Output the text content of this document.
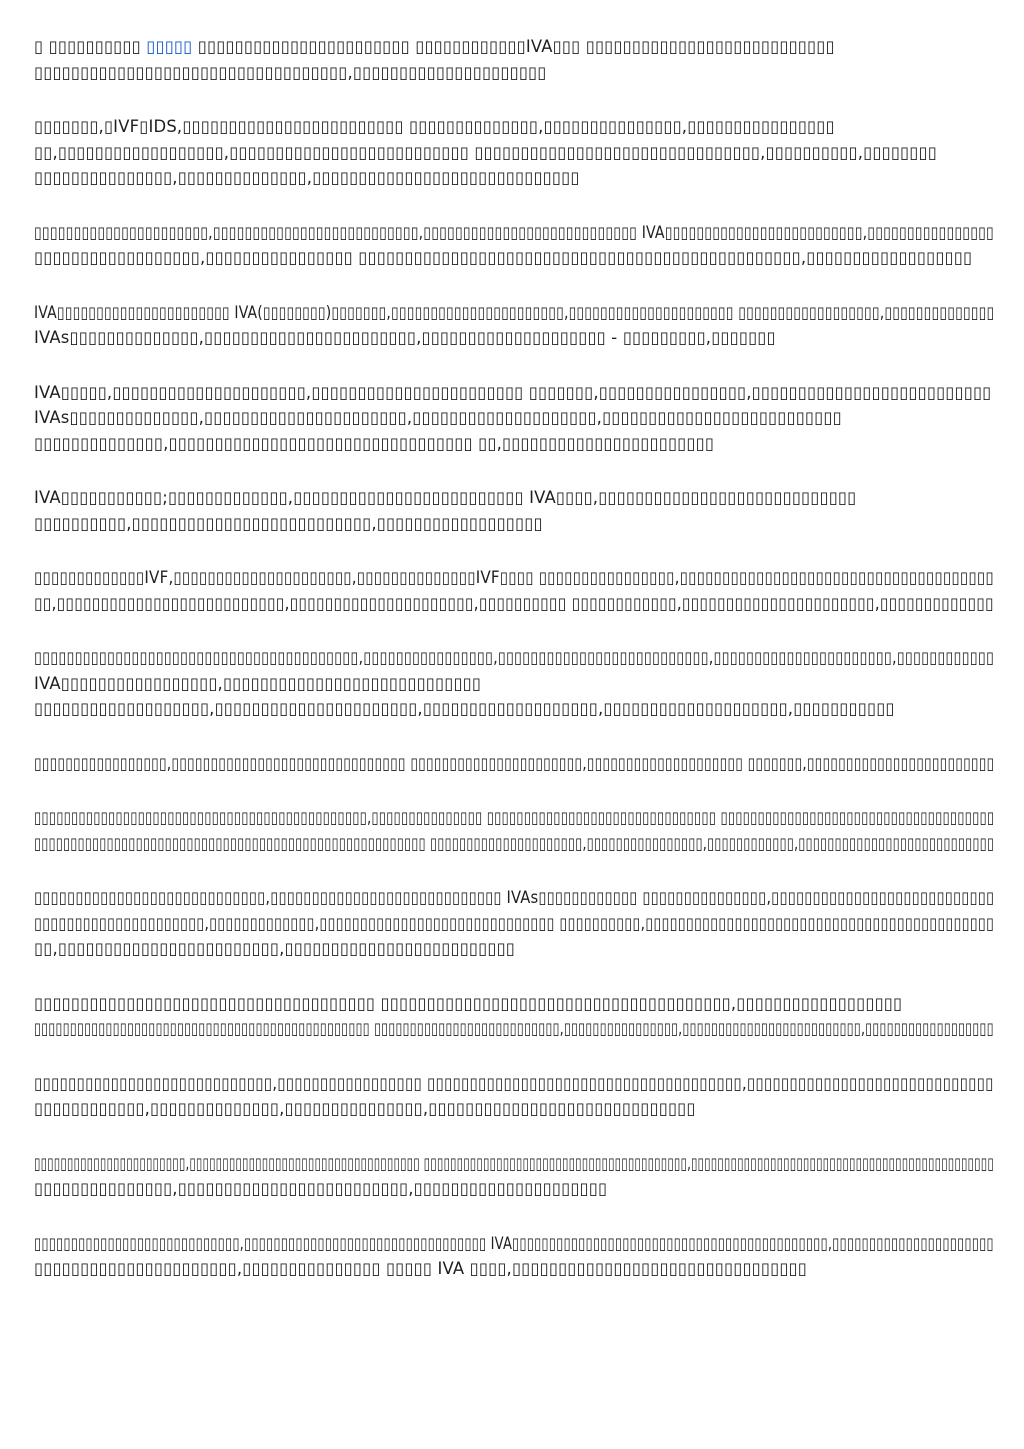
▯ ▯▯▯▯▯▯▯▯▯▯ ▯▯▯▯▯ ▯▯▯▯▯▯▯▯▯▯▯▯▯▯▯▯▯▯▯▯▯▯▯ ▯▯▯▯▯▯▯▯▯▯▯▯IVA▯▯▯ ▯▯▯▯▯▯▯▯▯▯▯▯▯▯▯▯▯▯▯▯▯▯▯▯▯▯▯
▯▯▯▯▯▯▯▯▯▯▯▯▯▯▯▯▯▯▯▯▯▯▯▯▯▯▯▯▯▯▯▯▯▯,▯▯▯▯▯▯▯▯▯▯▯▯▯▯▯▯▯▯▯▯▯
▯▯▯▯▯▯▯,▯IVF▯IDS,▯▯▯▯▯▯▯▯▯▯▯▯▯▯▯▯▯▯▯▯▯▯▯▯ ▯▯▯▯▯▯▯▯▯▯▯▯▯▯,▯▯▯▯▯▯▯▯▯▯▯▯▯▯▯,▯▯▯▯▯▯▯▯▯▯▯▯▯▯▯▯
▯▯,▯▯▯▯▯▯▯▯▯▯▯▯▯▯▯▯▯▯,▯▯▯▯▯▯▯▯▯▯▯▯▯▯▯▯▯▯▯▯▯▯▯▯▯▯ ▯▯▯▯▯▯▯▯▯▯▯▯▯▯▯▯▯▯▯▯▯▯▯▯▯▯▯▯▯▯▯,▯▯▯▯▯▯▯▯▯▯,▯▯▯▯▯▯▯▯
▯▯▯▯▯▯▯▯▯▯▯▯▯▯▯,▯▯▯▯▯▯▯▯▯▯▯▯▯▯,▯▯▯▯▯▯▯▯▯▯▯▯▯▯▯▯▯▯▯▯▯▯▯▯▯▯▯▯▯
▯▯▯▯▯▯▯▯▯▯▯▯▯▯▯▯▯▯▯▯▯▯,▯▯▯▯▯▯▯▯▯▯▯▯▯▯▯▯▯▯▯▯▯▯▯▯▯▯,▯▯▯▯▯▯▯▯▯▯▯▯▯▯▯▯▯▯▯▯▯▯▯▯▯▯▯ IVA▯▯▯▯▯▯▯▯▯▯▯▯▯▯▯▯▯▯▯▯▯▯▯▯▯,▯▯▯▯▯▯▯▯▯▯▯▯▯▯▯▯
▯▯▯▯▯▯▯▯▯▯▯▯▯▯▯▯▯▯,▯▯▯▯▯▯▯▯▯▯▯▯▯▯▯▯ ▯▯▯▯▯▯▯▯▯▯▯▯▯▯▯▯▯▯▯▯▯▯▯▯▯▯▯▯▯▯▯▯▯▯▯▯▯▯▯▯▯▯▯▯▯▯▯▯,▯▯▯▯▯▯▯▯▯▯▯▯▯▯▯▯▯▯
IVA▯▯▯▯▯▯▯▯▯▯▯▯▯▯▯▯▯▯▯▯▯▯ IVA(▯▯▯▯▯▯▯▯)▯▯▯▯▯▯▯,▯▯▯▯▯▯▯▯▯▯▯▯▯▯▯▯▯▯▯▯▯▯,▯▯▯▯▯▯▯▯▯▯▯▯▯▯▯▯▯▯▯▯▯ ▯▯▯▯▯▯▯▯▯▯▯▯▯▯▯▯▯▯,▯▯▯▯▯▯▯▯▯▯▯▯▯▯
IVAs▯▯▯▯▯▯▯▯▯▯▯▯▯▯,▯▯▯▯▯▯▯▯▯▯▯▯▯▯▯▯▯▯▯▯▯▯▯,▯▯▯▯▯▯▯▯▯▯▯▯▯▯▯▯▯▯▯▯ - ▯▯▯▯▯▯▯▯▯,▯▯▯▯▯▯▯
IVA▯▯▯▯▯,▯▯▯▯▯▯▯▯▯▯▯▯▯▯▯▯▯▯▯▯▯,▯▯▯▯▯▯▯▯▯▯▯▯▯▯▯▯▯▯▯▯▯▯▯ ▯▯▯▯▯▯▯,▯▯▯▯▯▯▯▯▯▯▯▯▯▯▯▯,▯▯▯▯▯▯▯▯▯▯▯▯▯▯▯▯▯▯▯▯▯▯▯▯▯▯
IVAs▯▯▯▯▯▯▯▯▯▯▯▯▯▯,▯▯▯▯▯▯▯▯▯▯▯▯▯▯▯▯▯▯▯▯▯▯,▯▯▯▯▯▯▯▯▯▯▯▯▯▯▯▯▯▯▯▯,▯▯▯▯▯▯▯▯▯▯▯▯▯▯▯▯▯▯▯▯▯▯▯▯▯▯
▯▯▯▯▯▯▯▯▯▯▯▯▯▯,▯▯▯▯▯▯▯▯▯▯▯▯▯▯▯▯▯▯▯▯▯▯▯▯▯▯▯▯▯▯▯▯▯ ▯▯,▯▯▯▯▯▯▯▯▯▯▯▯▯▯▯▯▯▯▯▯▯▯▯
IVA▯▯▯▯▯▯▯▯▯▯▯;▯▯▯▯▯▯▯▯▯▯▯▯▯,▯▯▯▯▯▯▯▯▯▯▯▯▯▯▯▯▯▯▯▯▯▯▯▯▯ IVA▯▯▯▯,▯▯▯▯▯▯▯▯▯▯▯▯▯▯▯▯▯▯▯▯▯▯▯▯▯▯▯▯
▯▯▯▯▯▯▯▯▯▯,▯▯▯▯▯▯▯▯▯▯▯▯▯▯▯▯▯▯▯▯▯▯▯▯▯▯,▯▯▯▯▯▯▯▯▯▯▯▯▯▯▯▯▯▯
▯▯▯▯▯▯▯▯▯▯▯▯▯IVF,▯▯▯▯▯▯▯▯▯▯▯▯▯▯▯▯▯▯▯▯▯,▯▯▯▯▯▯▯▯▯▯▯▯▯▯IVF▯▯▯▯ ▯▯▯▯▯▯▯▯▯▯▯▯▯▯▯▯,▯▯▯▯▯▯▯▯▯▯▯▯▯▯▯▯▯▯▯▯▯▯▯▯▯▯▯▯▯▯▯▯▯▯▯▯▯
▯▯,▯▯▯▯▯▯▯▯▯▯▯▯▯▯▯▯▯▯▯▯▯▯▯▯▯▯,▯▯▯▯▯▯▯▯▯▯▯▯▯▯▯▯▯▯▯▯▯,▯▯▯▯▯▯▯▯▯▯ ▯▯▯▯▯▯▯▯▯▯▯▯,▯▯▯▯▯▯▯▯▯▯▯▯▯▯▯▯▯▯▯▯▯▯,▯▯▯▯▯▯▯▯▯▯▯▯▯
▯▯▯▯▯▯▯▯▯▯▯▯▯▯▯▯▯▯▯▯▯▯▯▯▯▯▯▯▯▯▯▯▯▯▯▯▯▯▯▯,▯▯▯▯▯▯▯▯▯▯▯▯▯▯▯▯,▯▯▯▯▯▯▯▯▯▯▯▯▯▯▯▯▯▯▯▯▯▯▯▯▯▯,▯▯▯▯▯▯▯▯▯▯▯▯▯▯▯▯▯▯▯▯▯▯,▯▯▯▯▯▯▯▯▯▯▯▯
IVA▯▯▯▯▯▯▯▯▯▯▯▯▯▯▯▯▯,▯▯▯▯▯▯▯▯▯▯▯▯▯▯▯▯▯▯▯▯▯▯▯▯▯▯▯▯
▯▯▯▯▯▯▯▯▯▯▯▯▯▯▯▯▯▯▯,▯▯▯▯▯▯▯▯▯▯▯▯▯▯▯▯▯▯▯▯▯▯,▯▯▯▯▯▯▯▯▯▯▯▯▯▯▯▯▯▯▯,▯▯▯▯▯▯▯▯▯▯▯▯▯▯▯▯▯▯▯▯,▯▯▯▯▯▯▯▯▯▯▯
▯▯▯▯▯▯▯▯▯▯▯▯▯▯▯▯▯,▯▯▯▯▯▯▯▯▯▯▯▯▯▯▯▯▯▯▯▯▯▯▯▯▯▯▯▯▯▯ ▯▯▯▯▯▯▯▯▯▯▯▯▯▯▯▯▯▯▯▯▯▯,▯▯▯▯▯▯▯▯▯▯▯▯▯▯▯▯▯▯▯▯ ▯▯▯▯▯▯▯,▯▯▯▯▯▯▯▯▯▯▯▯▯▯▯▯▯▯▯▯▯▯▯▯
▯▯▯▯▯▯▯▯▯▯▯▯▯▯▯▯▯▯▯▯▯▯▯▯▯▯▯▯▯▯▯▯▯▯▯▯▯▯▯▯▯▯▯▯▯,▯▯▯▯▯▯▯▯▯▯▯▯▯▯▯ ▯▯▯▯▯▯▯▯▯▯▯▯▯▯▯▯▯▯▯▯▯▯▯▯▯▯▯▯▯▯▯ ▯▯▯▯▯▯▯▯▯▯▯▯▯▯▯▯▯▯▯▯▯▯▯▯▯▯▯▯▯▯▯▯▯▯▯▯▯
▯▯▯▯▯▯▯▯▯▯▯▯▯▯▯▯▯▯▯▯▯▯▯▯▯▯▯▯▯▯▯▯▯▯▯▯▯▯▯▯▯▯▯▯▯▯▯▯▯▯▯▯▯▯ ▯▯▯▯▯▯▯▯▯▯▯▯▯▯▯▯▯▯▯▯▯,▯▯▯▯▯▯▯▯▯▯▯▯▯▯▯▯,▯▯▯▯▯▯▯▯▯▯▯▯,▯▯▯▯▯▯▯▯▯▯▯▯▯▯▯▯▯▯▯▯▯▯▯▯▯▯▯
▯▯▯▯▯▯▯▯▯▯▯▯▯▯▯▯▯▯▯▯▯▯▯▯▯▯▯▯,▯▯▯▯▯▯▯▯▯▯▯▯▯▯▯▯▯▯▯▯▯▯▯▯▯▯▯▯ IVAs▯▯▯▯▯▯▯▯▯▯▯▯ ▯▯▯▯▯▯▯▯▯▯▯▯▯▯▯,▯▯▯▯▯▯▯▯▯▯▯▯▯▯▯▯▯▯▯▯▯▯▯▯▯▯▯
▯▯▯▯▯▯▯▯▯▯▯▯▯▯▯▯▯▯▯▯▯,▯▯▯▯▯▯▯▯▯▯▯▯▯,▯▯▯▯▯▯▯▯▯▯▯▯▯▯▯▯▯▯▯▯▯▯▯▯▯▯▯▯▯ ▯▯▯▯▯▯▯▯▯▯,▯▯▯▯▯▯▯▯▯▯▯▯▯▯▯▯▯▯▯▯▯▯▯▯▯▯▯▯▯▯▯▯▯▯▯▯▯▯▯▯▯▯▯
▯▯,▯▯▯▯▯▯▯▯▯▯▯▯▯▯▯▯▯▯▯▯▯▯▯▯,▯▯▯▯▯▯▯▯▯▯▯▯▯▯▯▯▯▯▯▯▯▯▯▯▯
▯▯▯▯▯▯▯▯▯▯▯▯▯▯▯▯▯▯▯▯▯▯▯▯▯▯▯▯▯▯▯▯▯▯▯▯▯ ▯▯▯▯▯▯▯▯▯▯▯▯▯▯▯▯▯▯▯▯▯▯▯▯▯▯▯▯▯▯▯▯▯▯▯▯▯▯,▯▯▯▯▯▯▯▯▯▯▯▯▯▯▯▯▯▯
▯▯▯▯▯▯▯▯▯▯▯▯▯▯▯▯▯▯▯▯▯▯▯▯▯▯▯▯▯▯▯▯▯▯▯▯▯▯▯▯▯▯▯▯▯▯▯ ▯▯▯▯▯▯▯▯▯▯▯▯▯▯▯▯▯▯▯▯▯▯▯▯▯▯,▯▯▯▯▯▯▯▯▯▯▯▯▯▯▯▯,▯▯▯▯▯▯▯▯▯▯▯▯▯▯▯▯▯▯▯▯▯▯▯▯▯,▯▯▯▯▯▯▯▯▯▯▯▯▯▯▯▯▯▯
▯▯▯▯▯▯▯▯▯▯▯▯▯▯▯▯▯▯▯▯▯▯▯▯▯▯▯▯,▯▯▯▯▯▯▯▯▯▯▯▯▯▯▯▯▯ ▯▯▯▯▯▯▯▯▯▯▯▯▯▯▯▯▯▯▯▯▯▯▯▯▯▯▯▯▯▯▯▯▯▯▯▯▯,▯▯▯▯▯▯▯▯▯▯▯▯▯▯▯▯▯▯▯▯▯▯▯▯▯▯▯▯▯
▯▯▯▯▯▯▯▯▯▯▯▯,▯▯▯▯▯▯▯▯▯▯▯▯▯▯,▯▯▯▯▯▯▯▯▯▯▯▯▯▯▯,▯▯▯▯▯▯▯▯▯▯▯▯▯▯▯▯▯▯▯▯▯▯▯▯▯▯▯▯▯
▯▯▯▯▯▯▯▯▯▯▯▯▯▯▯▯▯▯▯▯▯▯▯,▯▯▯▯▯▯▯▯▯▯▯▯▯▯▯▯▯▯▯▯▯▯▯▯▯▯▯▯▯▯▯▯▯▯▯ ▯▯▯▯▯▯▯▯▯▯▯▯▯▯▯▯▯▯▯▯▯▯▯▯▯▯▯▯▯▯▯▯▯▯▯▯▯▯▯▯,▯▯▯▯▯▯▯▯▯▯▯▯▯▯▯▯▯▯▯▯▯▯▯▯▯▯▯▯▯▯▯▯▯▯▯▯▯▯▯▯▯▯▯▯▯▯
▯▯▯▯▯▯▯▯▯▯▯▯▯▯▯,▯▯▯▯▯▯▯▯▯▯▯▯▯▯▯▯▯▯▯▯▯▯▯▯▯,▯▯▯▯▯▯▯▯▯▯▯▯▯▯▯▯▯▯▯▯▯
▯▯▯▯▯▯▯▯▯▯▯▯▯▯▯▯▯▯▯▯▯▯▯▯▯▯▯▯,▯▯▯▯▯▯▯▯▯▯▯▯▯▯▯▯▯▯▯▯▯▯▯▯▯▯▯▯▯▯▯▯▯ IVA▯▯▯▯▯▯▯▯▯▯▯▯▯▯▯▯▯▯▯▯▯▯▯▯▯▯▯▯▯▯▯▯▯▯▯▯▯▯▯▯▯▯▯,▯▯▯▯▯▯▯▯▯▯▯▯▯▯▯▯▯▯▯▯▯▯
▯▯▯▯▯▯▯▯▯▯▯▯▯▯▯▯▯▯▯▯▯▯,▯▯▯▯▯▯▯▯▯▯▯▯▯▯▯ ▯▯▯▯▯ IVA ▯▯▯▯,▯▯▯▯▯▯▯▯▯▯▯▯▯▯▯▯▯▯▯▯▯▯▯▯▯▯▯▯▯▯▯▯
